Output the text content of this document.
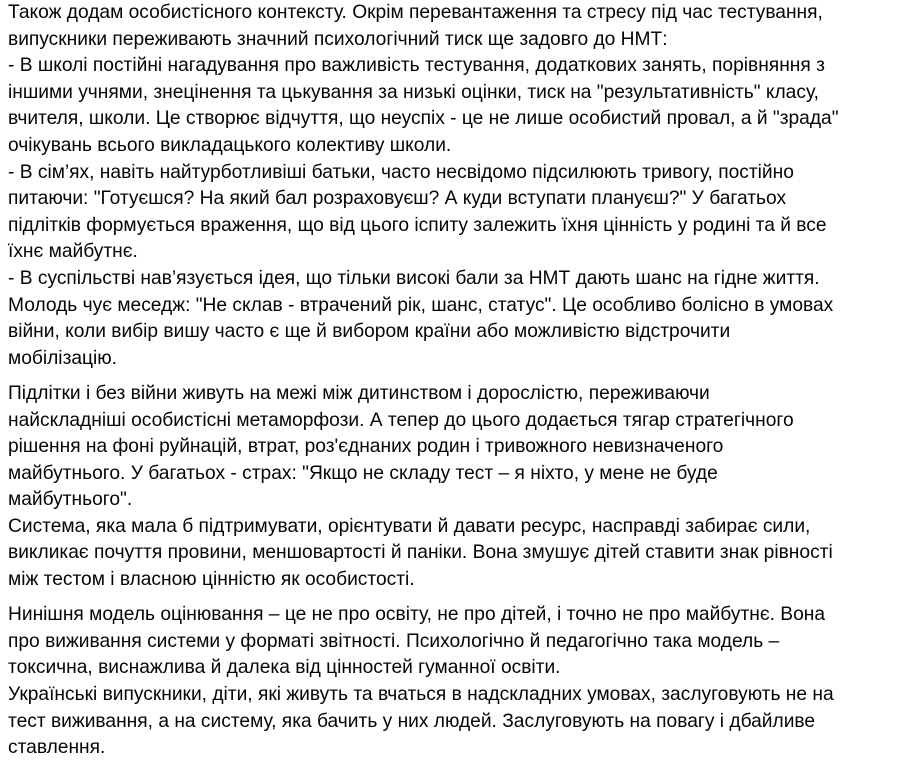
Також додам особистісного контексту. Окрім перевантаження та стресу під час тестування,
випускники переживають значний психологічний тиск ще задовго до НМТ:
- В школі постійні нагадування про важливість тестування, додаткових занять, порівняння з
іншими учнями, знецінення та цькування за низькі оцінки, тиск на "результативність" класу,
вчителя, школи. Це створює відчуття, що неуспіх - це не лише особистий провал, а й "зрада"
очікувань всього викладацького колективу школи.
- В сім’ях, навіть найтурботливіші батьки, часто несвідомо підсилюють тривогу, постійно
питаючи: "Готуєшся? На який бал розраховуєш? А куди вступати плануєш?" У багатьох
підлітків формується враження, що від цього іспиту залежить їхня цінність у родині та й все
їхнє майбутнє.
- В суспільстві нав’язується ідея, що тільки високі бали за НМТ дають шанс на гідне життя.
Молодь чує меседж: "Не склав - втрачений рік, шанс, статус". Це особливо болісно в умовах
війни, коли вибір вишу часто є ще й вибором країни або можливістю відстрочити
мобілізацію.

Підлітки і без війни живуть на межі між дитинством і дорослістю, переживаючи
найскладніші особистісні метаморфози. А тепер до цього додається тягар стратегічного
рішення на фоні руйнацій, втрат, роз'єднаних родин і тривожного невизначеного
майбутнього. У багатьох - страх: "Якщо не складу тест – я ніхто, у мене не буде
майбутнього".
Система, яка мала б підтримувати, орієнтувати й давати ресурс, насправді забирає сили,
викликає почуття провини, меншовартості й паніки. Вона змушує дітей ставити знак рівності
між тестом і власною цінністю як особистості.

Нинішня модель оцінювання – це не про освіту, не про дітей, і точно не про майбутнє. Вона
про виживання системи у форматі звітності. Психологічно й педагогічно така модель –
токсична, виснажлива й далека від цінностей гуманної освіти.
Українські випускники, діти, які живуть та вчаться в надскладних умовах, заслуговують не на
тест виживання, а на систему, яка бачить у них людей. Заслуговують на повагу і дбайливе
ставлення.
